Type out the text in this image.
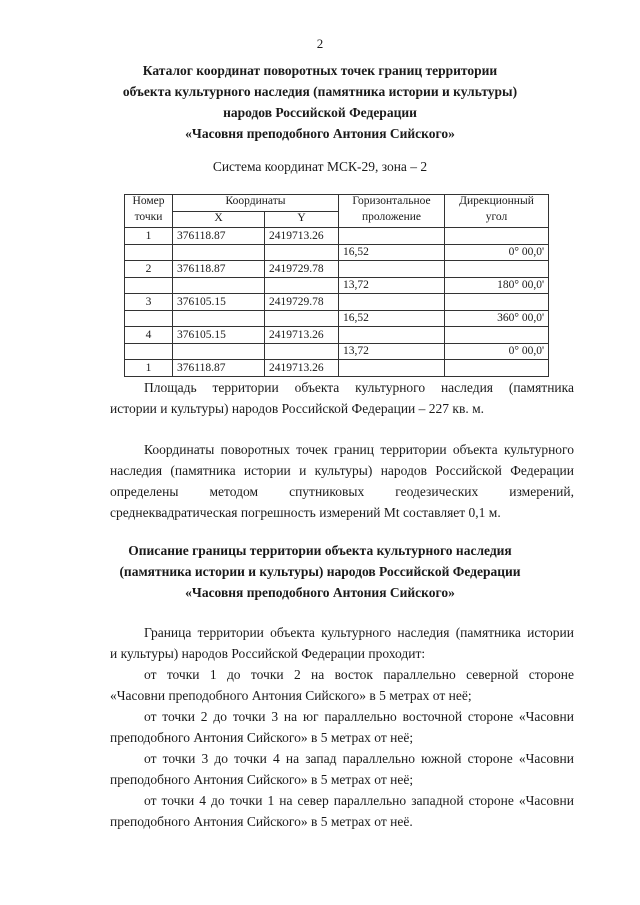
2
Каталог координат поворотных точек границ территории
объекта культурного наследия (памятника истории и культуры)
народов Российской Федерации
«Часовня преподобного Антония Сийского»
Система координат МСК-29, зона – 2
Номер	Координаты		Горизонтальное	Дирекционный
точки	X	Y	проложение	угол
1	376118.87	2419713.26		
			16,52	0° 00,0'
2	376118.87	2419729.78		
			13,72	180° 00,0'
3	376105.15	2419729.78		
			16,52	360° 00,0'
4	376105.15	2419713.26		
			13,72	0° 00,0'
1	376118.87	2419713.26		
Площадь территории объекта культурного наследия (памятника
истории и культуры) народов Российской Федерации – 227 кв. м.
Координаты поворотных точек границ территории объекта культурного
наследия (памятника истории и культуры) народов Российской Федерации
определены методом спутниковых геодезических измерений,
среднеквадратическая погрешность измерений Mt составляет 0,1 м.
Описание границы территории объекта культурного наследия
(памятника истории и культуры) народов Российской Федерации
«Часовня преподобного Антония Сийского»
Граница территории объекта культурного наследия (памятника истории
и культуры) народов Российской Федерации проходит:
от точки 1 до точки 2 на восток параллельно северной стороне
«Часовни преподобного Антония Сийского» в 5 метрах от неё;
от точки 2 до точки 3 на юг параллельно восточной стороне «Часовни
преподобного Антония Сийского» в 5 метрах от неё;
от точки 3 до точки 4 на запад параллельно южной стороне «Часовни
преподобного Антония Сийского» в 5 метрах от неё;
от точки 4 до точки 1 на север параллельно западной стороне «Часовни
преподобного Антония Сийского» в 5 метрах от неё.
